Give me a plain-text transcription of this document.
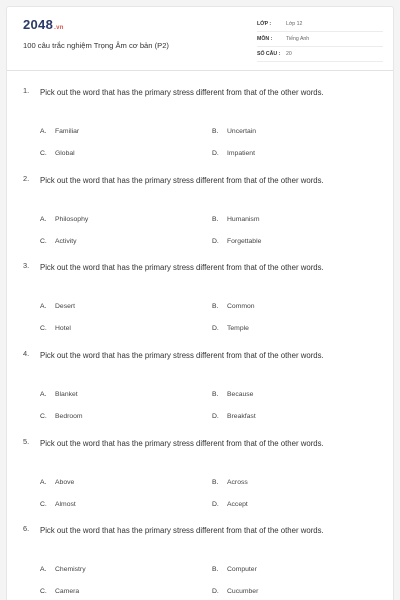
2048.vn
100 câu trắc nghiệm Trọng Âm cơ bản (P2)
LỚP :	Lớp 12
MÔN :	Tiếng Anh
SỐ CÂU :	20
1. Pick out the word that has the primary stress different from that of the other words.
A.	Familiar	B.	Uncertain
C.	Global	D.	Impatient
2. Pick out the word that has the primary stress different from that of the other words.
A.	Philosophy	B.	Humanism
C.	Activity	D.	Forgettable
3. Pick out the word that has the primary stress different from that of the other words.
A.	Desert	B.	Common
C.	Hotel	D.	Temple
4. Pick out the word that has the primary stress different from that of the other words.
A.	Blanket	B.	Because
C.	Bedroom	D.	Breakfast
5. Pick out the word that has the primary stress different from that of the other words.
A.	Above	B.	Across
C.	Almost	D.	Accept
6. Pick out the word that has the primary stress different from that of the other words.
A.	Chemistry	B.	Computer
C.	Camera	D.	Cucumber
